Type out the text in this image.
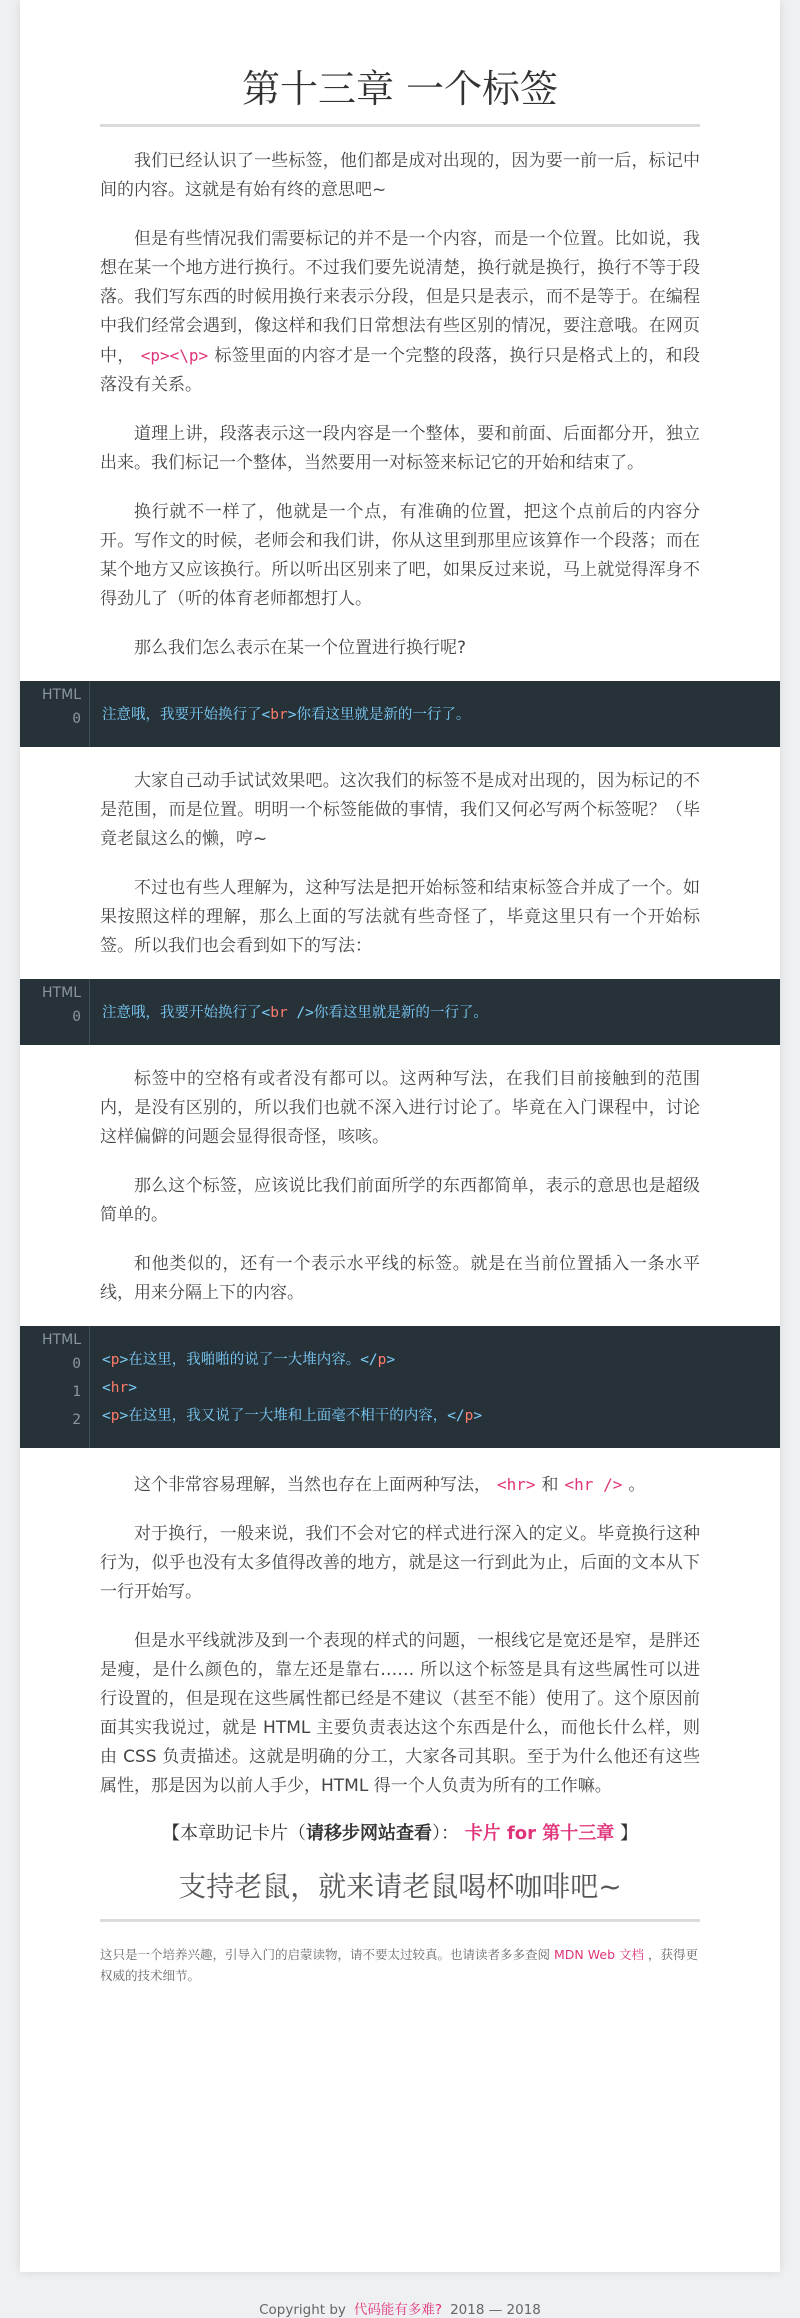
第十三章 一个标签

我们已经认识了一些标签，他们都是成对出现的，因为要一前一后，标记中间的内容。这就是有始有终的意思吧~

但是有些情况我们需要标记的并不是一个内容，而是一个位置。比如说，我想在某一个地方进行换行。不过我们要先说清楚，换行就是换行，换行不等于段落。我们写东西的时候用换行来表示分段，但是只是表示，而不是等于。在编程中我们经常会遇到，像这样和我们日常想法有些区别的情况，要注意哦。在网页中， <p><\p> 标签里面的内容才是一个完整的段落，换行只是格式上的，和段落没有关系。

道理上讲，段落表示这一段内容是一个整体，要和前面、后面都分开，独立出来。我们标记一个整体，当然要用一对标签来标记它的开始和结束了。

换行就不一样了，他就是一个点，有准确的位置，把这个点前后的内容分开。写作文的时候，老师会和我们讲，你从这里到那里应该算作一个段落；而在某个地方又应该换行。所以听出区别来了吧，如果反过来说，马上就觉得浑身不得劲儿了（听的体育老师都想打人。

那么我们怎么表示在某一个位置进行换行呢?

HTML
0 注意哦，我要开始换行了<br>你看这里就是新的一行了。

大家自己动手试试效果吧。这次我们的标签不是成对出现的，因为标记的不是范围，而是位置。明明一个标签能做的事情，我们又何必写两个标签呢？（毕竟老鼠这么的懒，哼~

不过也有些人理解为，这种写法是把开始标签和结束标签合并成了一个。如果按照这样的理解，那么上面的写法就有些奇怪了，毕竟这里只有一个开始标签。所以我们也会看到如下的写法：

HTML
0 注意哦，我要开始换行了<br />你看这里就是新的一行了。

标签中的空格有或者没有都可以。这两种写法，在我们目前接触到的范围内，是没有区别的，所以我们也就不深入进行讨论了。毕竟在入门课程中，讨论这样偏僻的问题会显得很奇怪，咳咳。

那么这个标签，应该说比我们前面所学的东西都简单，表示的意思也是超级简单的。

和他类似的，还有一个表示水平线的标签。就是在当前位置插入一条水平线，用来分隔上下的内容。

HTML
0
1
2
<p>在这里，我啪啪的说了一大堆内容。</p>
<hr>
<p>在这里，我又说了一大堆和上面毫不相干的内容，</p>

这个非常容易理解，当然也存在上面两种写法， <hr> 和 <hr /> 。

对于换行，一般来说，我们不会对它的样式进行深入的定义。毕竟换行这种行为，似乎也没有太多值得改善的地方，就是这一行到此为止，后面的文本从下一行开始写。

但是水平线就涉及到一个表现的样式的问题，一根线它是宽还是窄，是胖还是瘦，是什么颜色的，靠左还是靠右…… 所以这个标签是具有这些属性可以进行设置的，但是现在这些属性都已经是不建议（甚至不能）使用了。这个原因前面其实我说过，就是 HTML 主要负责表达这个东西是什么，而他长什么样，则由 CSS 负责描述。这就是明确的分工，大家各司其职。至于为什么他还有这些属性，那是因为以前人手少，HTML 得一个人负责为所有的工作嘛。

【本章助记卡片（请移步网站查看）： 卡片 for 第十三章 】
支持老鼠，就来请老鼠喝杯咖啡吧~
这只是一个培养兴趣，引导入门的启蒙读物，请不要太过较真。也请读者多多查阅 MDN Web 文档 ，获得更权威的技术细节。
Copyright by 代码能有多难? 2018 — 2018
